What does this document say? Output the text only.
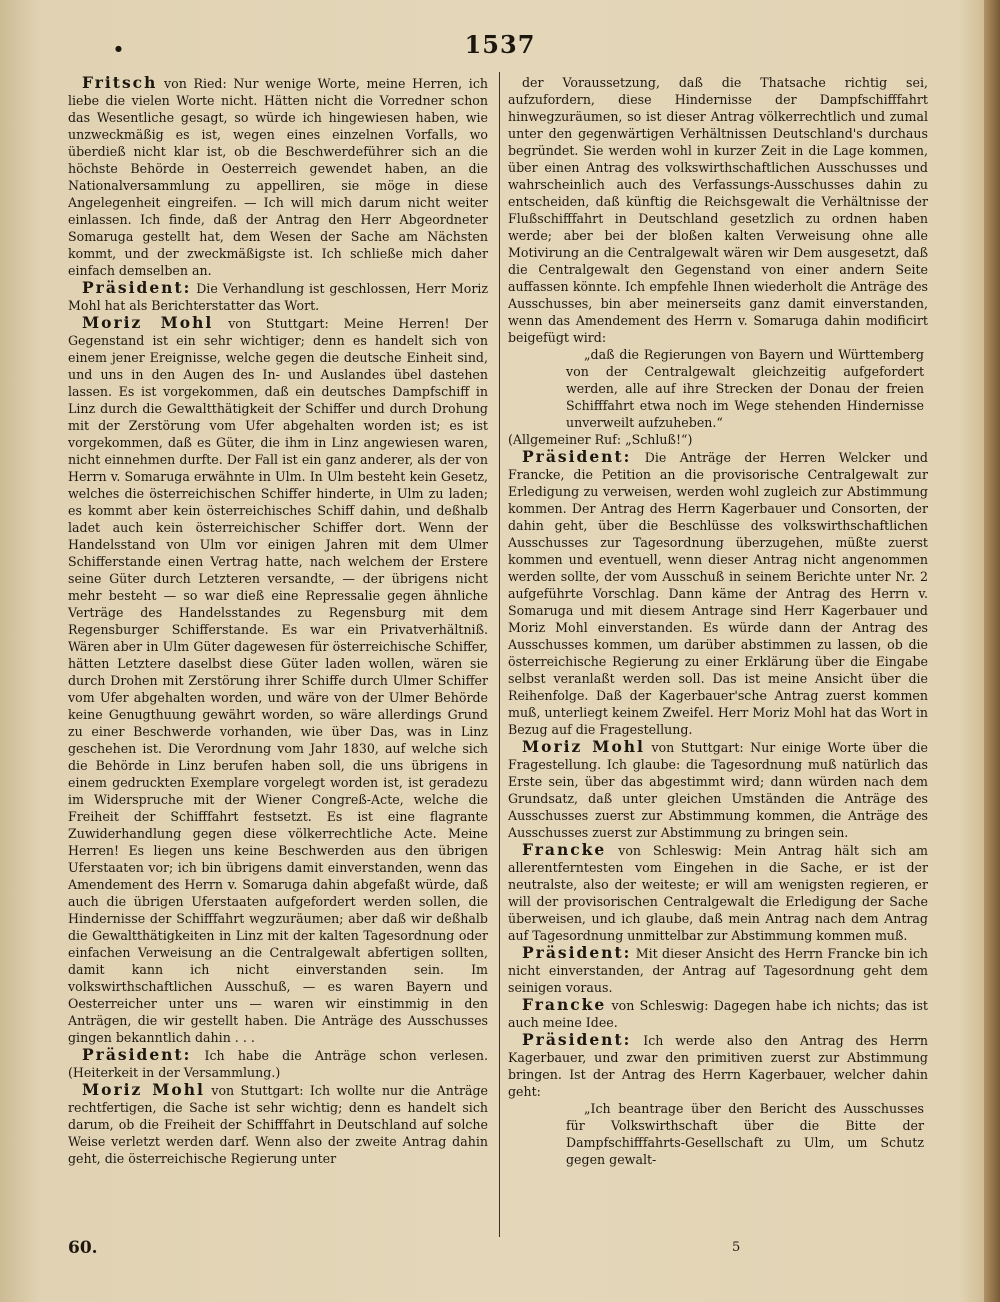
●	1537

Fritsch von Ried: Nur wenige Worte, meine Herren, ich liebe die vielen Worte nicht. Hätten nicht die Vorredner schon das Wesentliche gesagt, so würde ich hingewiesen haben, wie unzweckmäßig es ist, wegen eines einzelnen Vorfalls, wo überdieß nicht klar ist, ob die Beschwerdeführer sich an die höchste Behörde in Oesterreich gewendet haben, an die Nationalversammlung zu appelliren, sie möge in diese Angelegenheit eingreifen. — Ich will mich darum nicht weiter einlassen. Ich finde, daß der Antrag den Herr Abgeordneter Somaruga gestellt hat, dem Wesen der Sache am Nächsten kommt, und der zweckmäßigste ist. Ich schließe mich daher einfach demselben an.

Präsident: Die Verhandlung ist geschlossen, Herr Moriz Mohl hat als Berichterstatter das Wort.

Moriz Mohl von Stuttgart: Meine Herren! Der Gegenstand ist ein sehr wichtiger; denn es handelt sich von einem jener Ereignisse, welche gegen die deutsche Einheit sind, und uns in den Augen des In- und Auslandes übel dastehen lassen. Es ist vorgekommen, daß ein deutsches Dampfschiff in Linz durch die Gewaltthätigkeit der Schiffer und durch Drohung mit der Zerstörung vom Ufer abgehalten worden ist; es ist vorgekommen, daß es Güter, die ihm in Linz angewiesen waren, nicht einnehmen durfte. Der Fall ist ein ganz anderer, als der von Herrn v. Somaruga erwähnte in Ulm. In Ulm besteht kein Gesetz, welches die österreichischen Schiffer hinderte, in Ulm zu laden; es kommt aber kein österreichisches Schiff dahin, und deßhalb ladet auch kein österreichischer Schiffer dort. Wenn der Handelsstand von Ulm vor einigen Jahren mit dem Ulmer Schifferstande einen Vertrag hatte, nach welchem der Erstere seine Güter durch Letzteren versandte, — der übrigens nicht mehr besteht — so war dieß eine Repressalie gegen ähnliche Verträge des Handelsstandes zu Regensburg mit dem Regensburger Schifferstande. Es war ein Privatverhältniß. Wären aber in Ulm Güter dagewesen für österreichische Schiffer, hätten Letztere daselbst diese Güter laden wollen, wären sie durch Drohen mit Zerstörung ihrer Schiffe durch Ulmer Schiffer vom Ufer abgehalten worden, und wäre von der Ulmer Behörde keine Genugthuung gewährt worden, so wäre allerdings Grund zu einer Beschwerde vorhanden, wie über Das, was in Linz geschehen ist. Die Verordnung vom Jahr 1830, auf welche sich die Behörde in Linz berufen haben soll, die uns übrigens in einem gedruckten Exemplare vorgelegt worden ist, ist geradezu im Widerspruche mit der Wiener Congreß-Acte, welche die Freiheit der Schifffahrt festsetzt. Es ist eine flagrante Zuwiderhandlung gegen diese völkerrechtliche Acte. Meine Herren! Es liegen uns keine Beschwerden aus den übrigen Uferstaaten vor; ich bin übrigens damit einverstanden, wenn das Amendement des Herrn v. Somaruga dahin abgefaßt würde, daß auch die übrigen Uferstaaten aufgefordert werden sollen, die Hindernisse der Schifffahrt wegzuräumen; aber daß wir deßhalb die Gewaltthätigkeiten in Linz mit der kalten Tagesordnung oder einfachen Verweisung an die Centralgewalt abfertigen sollten, damit kann ich nicht einverstanden sein. Im volkswirthschaftlichen Ausschuß, — es waren Bayern und Oesterreicher unter uns — waren wir einstimmig in den Anträgen, die wir gestellt haben. Die Anträge des Ausschusses gingen bekanntlich dahin . . .

Präsident: Ich habe die Anträge schon verlesen. (Heiterkeit in der Versammlung.)

Moriz Mohl von Stuttgart: Ich wollte nur die Anträge rechtfertigen, die Sache ist sehr wichtig; denn es handelt sich darum, ob die Freiheit der Schifffahrt in Deutschland auf solche Weise verletzt werden darf. Wenn also der zweite Antrag dahin geht, die österreichische Regierung unter

der Voraussetzung, daß die Thatsache richtig sei, aufzufordern, diese Hindernisse der Dampfschifffahrt hinwegzuräumen, so ist dieser Antrag völkerrechtlich und zumal unter den gegenwärtigen Verhältnissen Deutschland's durchaus begründet. Sie werden wohl in kurzer Zeit in die Lage kommen, über einen Antrag des volkswirthschaftlichen Ausschusses und wahrscheinlich auch des Verfassungs-Ausschusses dahin zu entscheiden, daß künftig die Reichsgewalt die Verhältnisse der Flußschifffahrt in Deutschland gesetzlich zu ordnen haben werde; aber bei der bloßen kalten Verweisung ohne alle Motivirung an die Centralgewalt wären wir Dem ausgesetzt, daß die Centralgewalt den Gegenstand von einer andern Seite auffassen könnte. Ich empfehle Ihnen wiederholt die Anträge des Ausschusses, bin aber meinerseits ganz damit einverstanden, wenn das Amendement des Herrn v. Somaruga dahin modificirt beigefügt wird:

„daß die Regierungen von Bayern und Württemberg von der Centralgewalt gleichzeitig aufgefordert werden, alle auf ihre Strecken der Donau der freien Schifffahrt etwa noch im Wege stehenden Hindernisse unverweilt aufzuheben.“

(Allgemeiner Ruf: „Schluß!“)

Präsident: Die Anträge der Herren Welcker und Francke, die Petition an die provisorische Centralgewalt zur Erledigung zu verweisen, werden wohl zugleich zur Abstimmung kommen. Der Antrag des Herrn Kagerbauer und Consorten, der dahin geht, über die Beschlüsse des volkswirthschaftlichen Ausschusses zur Tagesordnung überzugehen, müßte zuerst kommen und eventuell, wenn dieser Antrag nicht angenommen werden sollte, der vom Ausschuß in seinem Berichte unter Nr. 2 aufgeführte Vorschlag. Dann käme der Antrag des Herrn v. Somaruga und mit diesem Antrage sind Herr Kagerbauer und Moriz Mohl einverstanden. Es würde dann der Antrag des Ausschusses kommen, um darüber abstimmen zu lassen, ob die österreichische Regierung zu einer Erklärung über die Eingabe selbst veranlaßt werden soll. Das ist meine Ansicht über die Reihenfolge. Daß der Kagerbauer'sche Antrag zuerst kommen muß, unterliegt keinem Zweifel. Herr Moriz Mohl hat das Wort in Bezug auf die Fragestellung.

Moriz Mohl von Stuttgart: Nur einige Worte über die Fragestellung. Ich glaube: die Tagesordnung muß natürlich das Erste sein, über das abgestimmt wird; dann würden nach dem Grundsatz, daß unter gleichen Umständen die Anträge des Ausschusses zuerst zur Abstimmung kommen, die Anträge des Ausschusses zuerst zur Abstimmung zu bringen sein.

Francke von Schleswig: Mein Antrag hält sich am allerentferntesten vom Eingehen in die Sache, er ist der neutralste, also der weiteste; er will am wenigsten regieren, er will der provisorischen Centralgewalt die Erledigung der Sache überweisen, und ich glaube, daß mein Antrag nach dem Antrag auf Tagesordnung unmittelbar zur Abstimmung kommen muß.

Präsident: Mit dieser Ansicht des Herrn Francke bin ich nicht einverstanden, der Antrag auf Tagesordnung geht dem seinigen voraus.

Francke von Schleswig: Dagegen habe ich nichts; das ist auch meine Idee.

Präsident: Ich werde also den Antrag des Herrn Kagerbauer, und zwar den primitiven zuerst zur Abstimmung bringen. Ist der Antrag des Herrn Kagerbauer, welcher dahin geht:

„Ich beantrage über den Bericht des Ausschusses für Volkswirthschaft über die Bitte der Dampfschifffahrts-Gesellschaft zu Ulm, um Schutz gegen gewalt-

60.	5
